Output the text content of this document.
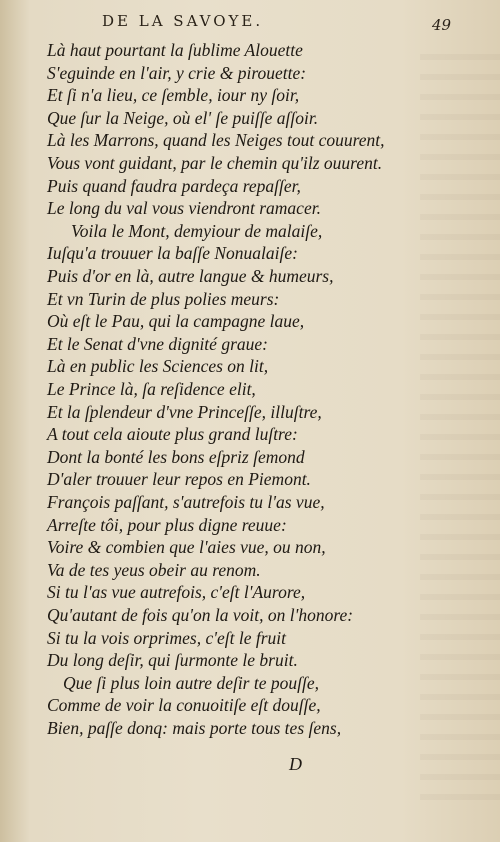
DE LA SAVOYE.	49
Là haut pourtant la ſublime Alouette
S'eguinde en l'air, y crie & pirouette:
Et ſi n'a lieu, ce ſemble, iour ny ſoir,
Que ſur la Neige, où el' ſe puiſſe aſſoir.
Là les Marrons, quand les Neiges tout couurent,
Vous vont guidant, par le chemin qu'ilz ouurent.
Puis quand faudra pardeça repaſſer,
Le long du val vous viendront ramacer.
Voila le Mont, demyiour de malaiſe,
Iuſqu'a trouuer la baſſe Nonualaiſe:
Puis d'or en là, autre langue & humeurs,
Et vn Turin de plus polies meurs:
Où eſt le Pau, qui la campagne laue,
Et le Senat d'vne dignité graue:
Là en public les Sciences on lit,
Le Prince là, ſa reſidence elit,
Et la ſplendeur d'vne Princeſſe, illuſtre,
A tout cela aioute plus grand luſtre:
Dont la bonté les bons eſpriz ſemond
D'aler trouuer leur repos en Piemont.
François paſſant, s'autrefois tu l'as vue,
Arreſte tôi, pour plus digne reuue:
Voire & combien que l'aies vue, ou non,
Va de tes yeus obeir au renom.
Si tu l'as vue autrefois, c'eſt l'Aurore,
Qu'autant de fois qu'on la voit, on l'honore:
Si tu la vois orprimes, c'eſt le fruit
Du long deſir, qui ſurmonte le bruit.
Que ſi plus loin autre deſir te pouſſe,
Comme de voir la conuoitiſe eſt douſſe,
Bien, paſſe donq: mais porte tous tes ſens,
D
